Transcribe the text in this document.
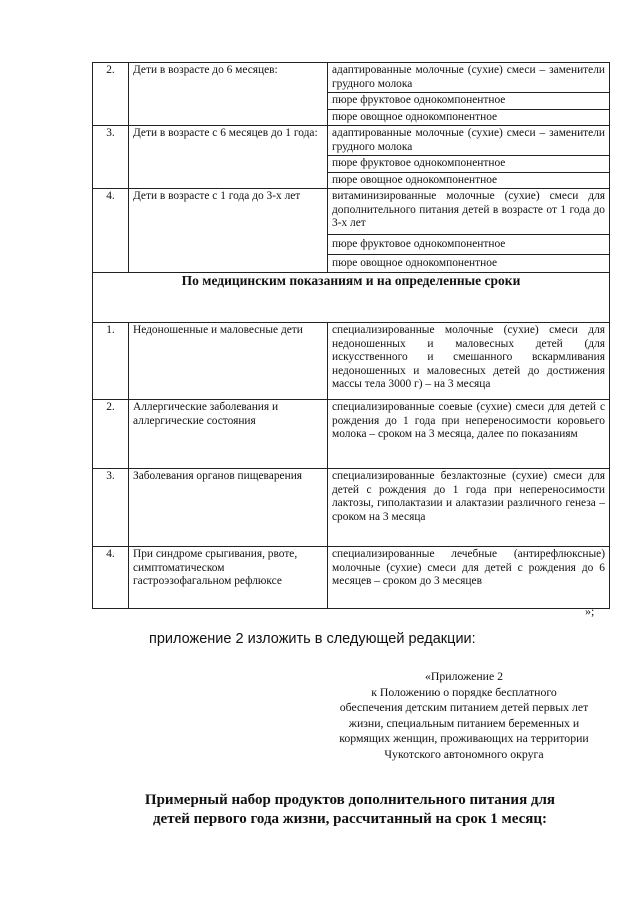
2.	Дети в возрасте до 6 месяцев:	адаптированные молочные (сухие) смеси – заменители грудного молока
		пюре фруктовое однокомпонентное
		пюре овощное однокомпонентное
3.	Дети в возрасте с 6 месяцев до 1 года:	адаптированные молочные (сухие) смеси – заменители грудного молока
		пюре фруктовое однокомпонентное
		пюре овощное однокомпонентное
4.	Дети в возрасте с 1 года до 3-х лет	витаминизированные молочные (сухие) смеси для дополнительного питания детей в возрасте от 1 года до 3-х лет
		пюре фруктовое однокомпонентное
		пюре овощное однокомпонентное
По медицинским показаниям и на определенные сроки		
1.	Недоношенные и маловесные дети	специализированные молочные (сухие) смеси для недоношенных и маловесных детей (для искусственного и смешанного вскармливания недоношенных и маловесных детей до достижения массы тела 3000 г) – на 3 месяца
2.	Аллергические заболевания и аллергические состояния	специализированные соевые (сухие) смеси для детей с рождения до 1 года при непереносимости коровьего молока – сроком на 3 месяца, далее по показаниям
3.	Заболевания органов пищеварения	специализированные безлактозные (сухие) смеси для детей с рождения до 1 года при непереносимости лактозы, гиполактазии и алактазии различного генеза – сроком на 3 месяца
4.	При синдроме срыгивания, рвоте, симптоматическом гастроэзофагальном рефлюксе	специализированные лечебные (антирефлюксные) молочные (сухие) смеси для детей с рождения до 6 месяцев – сроком до 3 месяцев
»;
приложение 2 изложить в следующей редакции:
«Приложение 2
к Положению о порядке бесплатного
обеспечения детским питанием детей первых лет
жизни, специальным питанием беременных и
кормящих женщин, проживающих на территории
Чукотского автономного округа
Примерный набор продуктов дополнительного питания для
детей первого года жизни, рассчитанный на срок 1 месяц:
